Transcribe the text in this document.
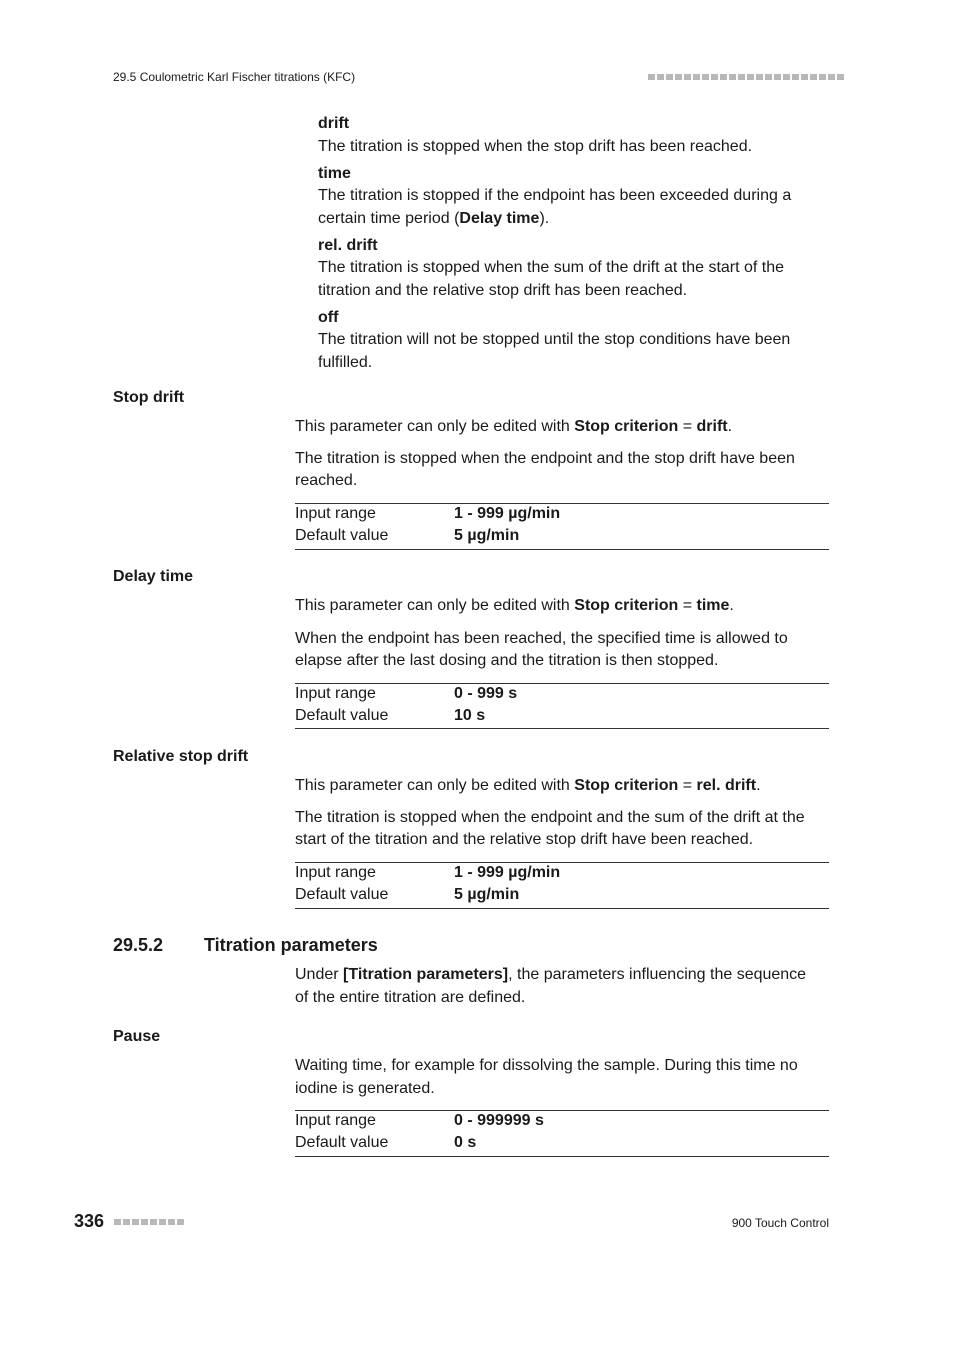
29.5 Coulometric Karl Fischer titrations (KFC)
drift
The titration is stopped when the stop drift has been reached.
time
The titration is stopped if the endpoint has been exceeded during a
certain time period (Delay time).
rel. drift
The titration is stopped when the sum of the drift at the start of the
titration and the relative stop drift has been reached.
off
The titration will not be stopped until the stop conditions have been
fulfilled.
Stop drift
This parameter can only be edited with Stop criterion = drift.
The titration is stopped when the endpoint and the stop drift have been
reached.
Input range	1 - 999 µg/min
Default value	5 µg/min
Delay time
This parameter can only be edited with Stop criterion = time.
When the endpoint has been reached, the specified time is allowed to
elapse after the last dosing and the titration is then stopped.
Input range	0 - 999 s
Default value	10 s
Relative stop drift
This parameter can only be edited with Stop criterion = rel. drift.
The titration is stopped when the endpoint and the sum of the drift at the
start of the titration and the relative stop drift have been reached.
Input range	1 - 999 µg/min
Default value	5 µg/min
29.5.2 Titration parameters
Under [Titration parameters], the parameters influencing the sequence
of the entire titration are defined.
Pause
Waiting time, for example for dissolving the sample. During this time no
iodine is generated.
Input range	0 - 999999 s
Default value	0 s
336	900 Touch Control
